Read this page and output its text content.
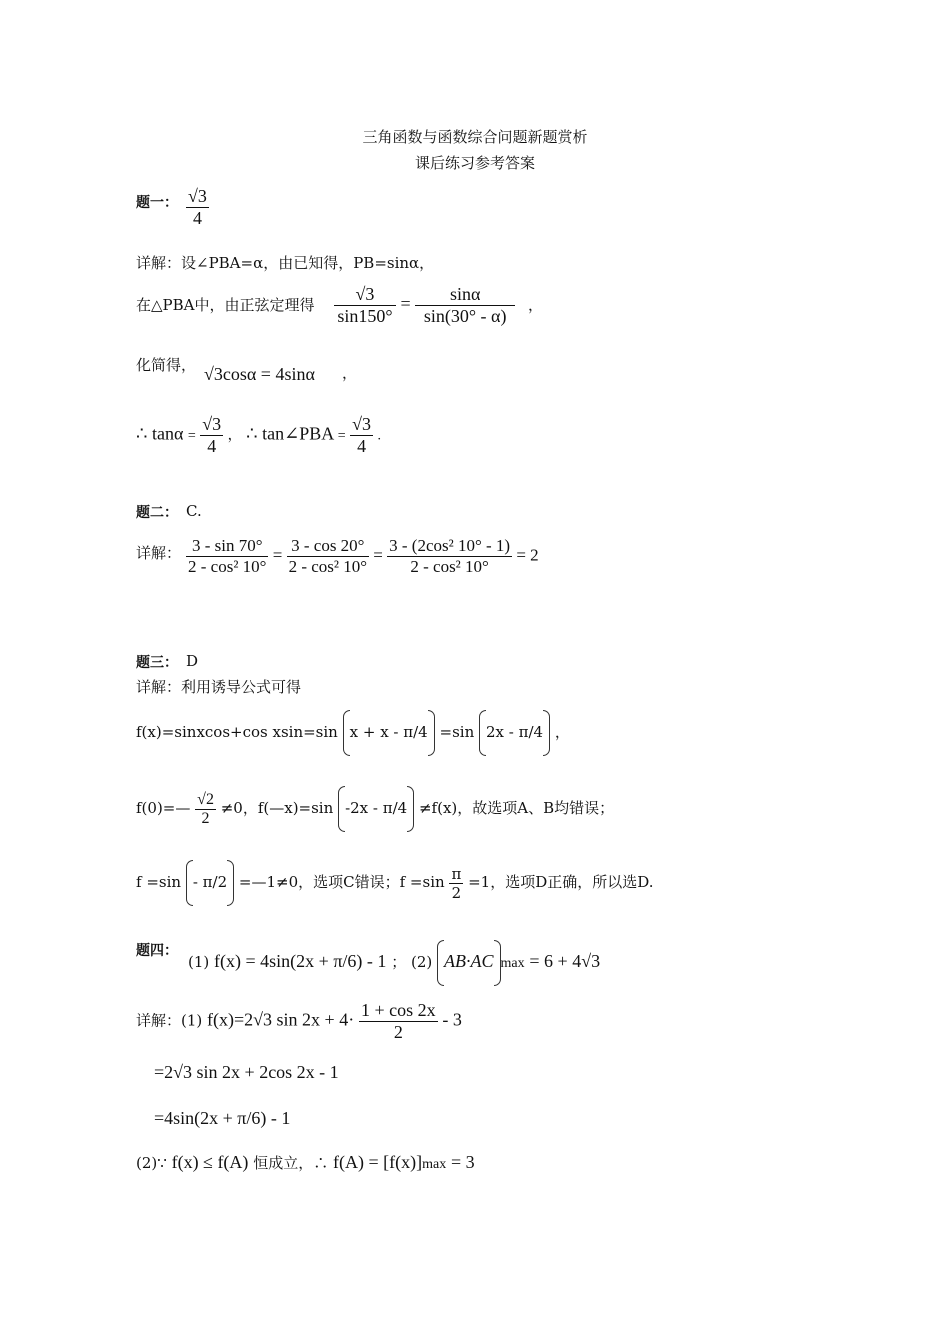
三角函数与函数综合问题新题赏析
课后练习参考答案
题一： $\frac{√3}{4}$
详解：设∠PBA=α，由已知得，PB=sinα，
在△PBA中，由正弦定理得 $\frac{√3}{\sin 150^\circ} = \frac{\sin\alpha}{\sin(30^\circ - \alpha)}$ ，
化简得， √3cosα = 4sinα ，
∴ $\tan\alpha = \frac{√3}{4}$ ， ∴ tan∠PBA = $\frac{√3}{4}$ .
题二： C.
详解： $\frac{3 - \sin 70^\circ}{\text{2 - cos² 10°}} = \frac{3 - \cos 20^\circ}{\text{2 - cos² 10°}} = \frac{\text{3 - (2cos² 10° - 1)}}{\text{2 - cos² 10°}} = 2$
题三： D
详解：利用诱导公式可得
f(x)=sinxcos+cos xsin=sin x + x - π/4 =sin 2x - π/4 ，
f(0)=— $\frac{√2}{2} \ne 0$，f(—x)=sin -2x - π/4 ≠f(x)，故选项A、B均错误；
f =sin - π/2 =—1≠0，选项C错误；$f =\sin \frac{\pi}{2} =1$，选项D正确，所以选D.
题四：
(1) f(x) = 4sin(2x + π/6) - 1 ； (2) AB·AC max = 6 + 4√3
详解：(1) f(x)=2√3 $\sin 2x + 4\cdot \frac{1 + \cos 2x}{2} - 3$
=2√3 sin 2x + 2cos 2x - 1
=4sin(2x + π/6) - 1
(2)∵ f(x) ≤ f(A) 恒成立，∴ f(A) = [f(x)]max = 3
